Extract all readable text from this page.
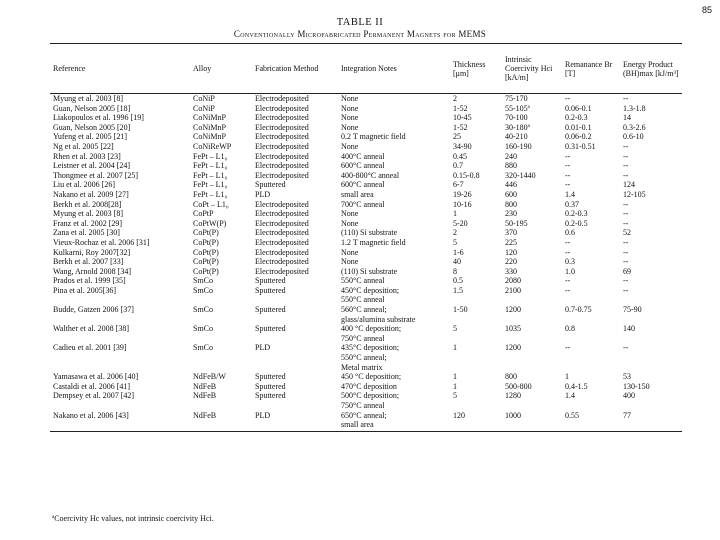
85
TABLE II
Conventionally Microfabricated Permanent Magnets for MEMS
Reference	Alloy	Fabrication Method	Integration Notes	Thickness [μm]	Intrinsic Coercivity Hci [kA/m]	Remanance Br [T]	Energy Product (BH)max [kJ/m³]
Myung et al. 2003 [8]	CoNiP	Electrodeposited	None	2	75-170	--	--
Guan, Nelson 2005 [18]	CoNiP	Electrodeposited	None	1-52	55-105ª	0.06-0.1	1.3-1.8
Liakopoulos et al. 1996 [19]	CoNiMnP	Electrodeposited	None	10-45	70-100	0.2-0.3	14
Guan, Nelson 2005 [20]	CoNiMnP	Electrodeposited	None	1-52	30-180ª	0.01-0.1	0.3-2.6
Yufeng et al. 2005 [21]	CoNiMnP	Electrodeposited	0.2 T magnetic field	25	40-210	0.06-0.2	0.6-10
Ng et al. 2005 [22]	CoNiReWP	Electrodeposited	None	34-90	160-190	0.31-0.51	--
Rhen et al. 2003 [23]	FePt – L1₀	Electrodeposited	400°C anneal	0.45	240	--	--
Leistner et al. 2004 [24]	FePt – L1₀	Electrodeposited	600°C anneal	0.7	880	--	--
Thongmee et al. 2007 [25]	FePt – L1₀	Electrodeposited	400-800°C anneal	0.15-0.8	320-1440	--	--
Liu et al. 2006 [26]	FePt – L1₀	Sputtered	600°C anneal	6-7	446	--	124
Nakano et al. 2009 [27]	FePt – L1₀	PLD	small area	19-26	600	1.4	12-105
Berkh et al. 2008[28]	CoPt – L1₀	Electrodeposited	700°C anneal	10-16	800	0.37	--
Myung et al. 2003 [8]	CoPtP	Electrodeposited	None	1	230	0.2-0.3	--
Franz et al. 2002 [29]	CoPtW(P)	Electrodeposited	None	5-20	50-195	0.2-0.5	--
Zana et al. 2005 [30]	CoPt(P)	Electrodeposited	(110) Si substrate	2	370	0.6	52
Vieux-Rochaz et al. 2006 [31]	CoPt(P)	Electrodeposited	1.2 T magnetic field	5	225	--	--
Kulkarni, Roy 2007[32]	CoPt(P)	Electrodeposited	None	1-6	120	--	--
Berkh et al. 2007 [33]	CoPt(P)	Electrodeposited	None	40	220	0.3	--
Wang, Arnold 2008 [34]	CoPt(P)	Electrodeposited	(110) Si substrate	8	330	1.0	69
Prados et al. 1999 [35]	SmCo	Sputtered	550°C anneal	0.5	2080	--	--
Pina et al. 2005[36]	SmCo	Sputtered	450°C deposition;
550°C anneal	1.5	2100	--	--
Budde, Gatzen 2006 [37]	SmCo	Sputtered	560°C anneal;
glass/alumina substrate	1-50	1200	0.7-0.75	75-90
Walther et al. 2008 [38]	SmCo	Sputtered	400 °C deposition;
750°C anneal	5	1035	0.8	140
Cadieu et al. 2001 [39]	SmCo	PLD	435°C deposition;
550°C anneal;
Metal matrix	1	1200	--	--
Yamasawa et al. 2006 [40]	NdFeB/W	Sputtered	450 °C deposition;	1	800	1	53
Castaldi et al. 2006 [41]	NdFeB	Sputtered	470°C deposition	1	500-800	0.4-1.5	130-150
Dempsey et al. 2007 [42]	NdFeB	Sputtered	500°C deposition;
750°C anneal	5	1280	1.4	400
Nakano et al. 2006 [43]	NdFeB	PLD	650°C anneal;
small area	120	1000	0.55	77
ªCoercivity Hc values, not intrinsic coercivity Hci.
